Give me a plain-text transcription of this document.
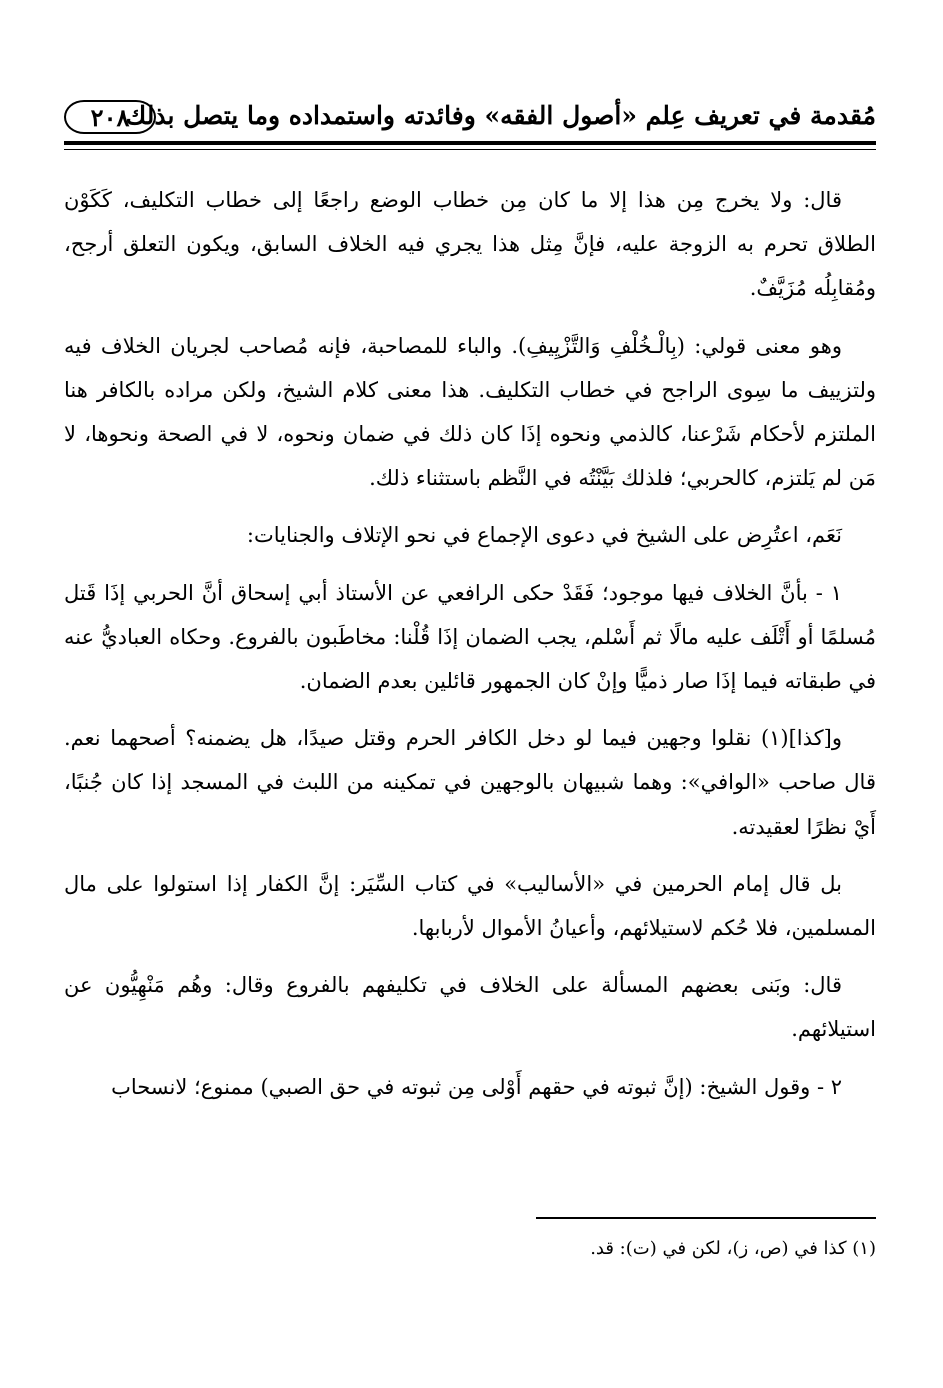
٢٠٨
مُقدمة في تعريف عِلم «أصول الفقه» وفائدته واستمداده وما يتصل بذلك

قال: ولا يخرج مِن هذا إلا ما كان مِن خطاب الوضع راجعًا إلى خطاب التكليف، كَكَوْن الطلاق تحرم به الزوجة عليه، فإنَّ مِثل هذا يجري فيه الخلاف السابق، ويكون التعلق أرجح، ومُقابِلُه مُزَيَّفٌ.

وهو معنى قولي: (بِالْـخُلْفِ وَالتَّزْيِيفِ). والباء للمصاحبة، فإنه مُصاحب لجريان الخلاف فيه ولتزييف ما سِوى الراجح في خطاب التكليف. هذا معنى كلام الشيخ، ولكن مراده بالكافر هنا الملتزم لأحكام شَرْعنا، كالذمي ونحوه إذَا كان ذلك في ضمان ونحوه، لا في الصحة ونحوها، لا مَن لم يَلتزم، كالحربي؛ فلذلك بَيَّنْتُه في النَّظم باستثناء ذلك.

نَعَم، اعتُرِض على الشيخ في دعوى الإجماع في نحو الإتلاف والجنايات:

١ - بأنَّ الخلاف فيها موجود؛ فَقَدْ حكى الرافعي عن الأستاذ أبي إسحاق أنَّ الحربي إذَا قَتل مُسلمًا أو أَتْلَف عليه مالًا ثم أَسْلم، يجب الضمان إذَا قُلْنا: مخاطَبون بالفروع. وحكاه العباديُّ عنه في طبقاته فيما إذَا صار ذميًّا وإنْ كان الجمهور قائلين بعدم الضمان.

و[كذا](١) نقلوا وجهين فيما لو دخل الكافر الحرم وقتل صيدًا، هل يضمنه؟ أصحهما نعم. قال صاحب «الوافي»: وهما شبيهان بالوجهين في تمكينه من اللبث في المسجد إذا كان جُنبًا، أَيْ نظرًا لعقيدته.

بل قال إمام الحرمين في «الأساليب» في كتاب السِّيَر: إنَّ الكفار إذا استولوا على مال المسلمين، فلا حُكم لاستيلائهم، وأعيانُ الأموال لأربابها.

قال: وبَنى بعضهم المسألة على الخلاف في تكليفهم بالفروع وقال: وهُم مَنْهِيُّون عن استيلائهم.

٢ - وقول الشيخ: (إنَّ ثبوته في حقهم أَوْلى مِن ثبوته في حق الصبي) ممنوع؛ لانسحاب

(١) كذا في (ص، ز)، لكن في (ت): قد.
